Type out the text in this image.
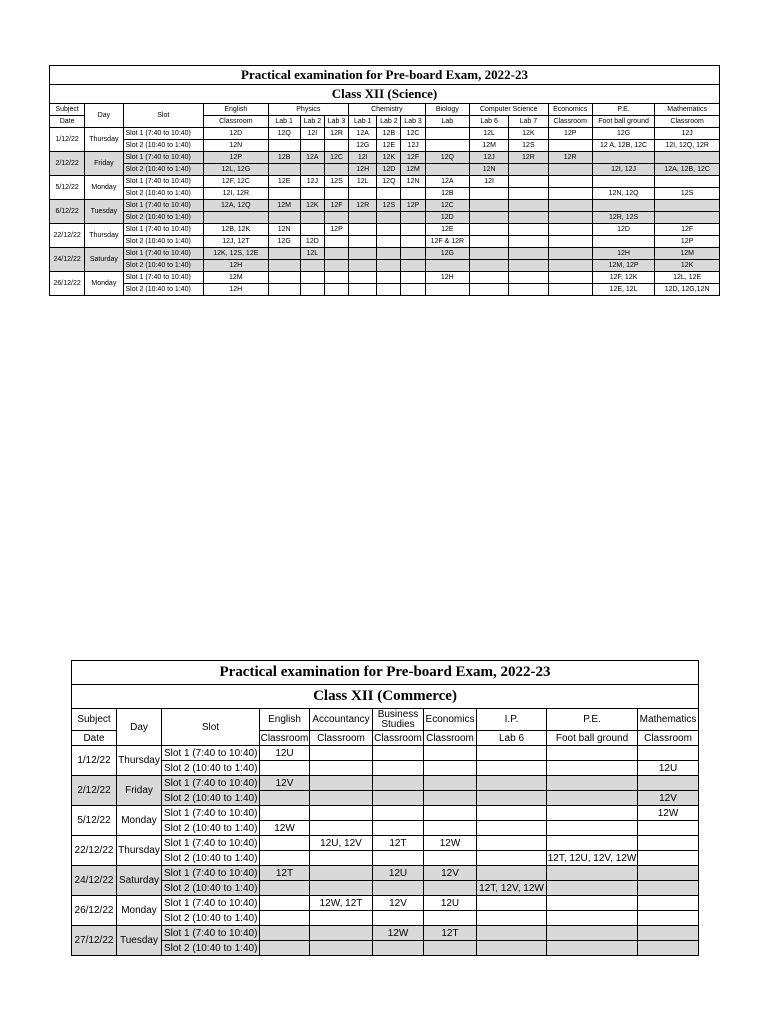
Practical examination for Pre-board Exam, 2022-23															
Class XII (Science)															
Subject	Day	Slot	English	Physics			Chemistry			Biology	Computer Science		Economics	P.E.	Mathematics
Date			Classroom	Lab 1	Lab 2	Lab 3	Lab 1	Lab 2	Lab 3	Lab	Lab 6	Lab 7	Classroom	Foot ball ground	Classroom
1/12/22	Thursday	Slot 1 (7:40 to 10:40)	12D	12Q	12I	12R	12A	12B	12C		12L	12K	12P	12G	12J
		Slot 2 (10:40 to 1:40)	12N				12G	12E	12J		12M	12S		12 A, 12B, 12C	12I, 12Q, 12R
2/12/22	Friday	Slot 1 (7:40 to 10:40)	12P	12B	12A	12C	12I	12K	12F	12Q	12J	12R	12R		
		Slot 2 (10:40 to 1:40)	12L, 12G				12H	12D	12M		12N			12I, 12J	12A, 12B, 12C
5/12/22	Monday	Slot 1 (7:40 to 10:40)	12F, 12C	12E	12J	12S	12L	12Q	12N	12A	12I				
		Slot 2 (10:40 to 1:40)	12I, 12R							12B				12N, 12Q	12S
6/12/22	Tuesday	Slot 1 (7:40 to 10:40)	12A, 12Q	12M	12K	12F	12R	12S	12P	12C					
		Slot 2 (10:40 to 1:40)								12D				12R, 12S	
22/12/22	Thursday	Slot 1 (7:40 to 10:40)	12B, 12K	12N		12P				12E				12D	12F
		Slot 2 (10:40 to 1:40)	12J, 12T	12G	12D					12F & 12R					12P
24/12/22	Saturday	Slot 1 (7:40 to 10:40)	12K, 12S, 12E		12L					12G				12H	12M
		Slot 2 (10:40 to 1:40)	12H											12M, 12P	12K
26/12/22	Monday	Slot 1 (7:40 to 10:40)	12M							12H				12F, 12K	12L, 12E
		Slot 2 (10:40 to 1:40)	12H											12E, 12L	12D, 12G,12N
Practical examination for Pre-board Exam, 2022-23									
Class XII (Commerce)									
Subject	Day	Slot	English	Accountancy	Business Studies	Economics	I.P.	P.E.	Mathematics
Date			Classroom	Classroom	Classroom	Classroom	Lab 6	Foot ball ground	Classroom
1/12/22	Thursday	Slot 1 (7:40 to 10:40)	12U						
		Slot 2 (10:40 to 1:40)							12U
2/12/22	Friday	Slot 1 (7:40 to 10:40)	12V						
		Slot 2 (10:40 to 1:40)							12V
5/12/22	Monday	Slot 1 (7:40 to 10:40)							12W
		Slot 2 (10:40 to 1:40)	12W						
22/12/22	Thursday	Slot 1 (7:40 to 10:40)		12U, 12V	12T	12W			
		Slot 2 (10:40 to 1:40)						12T, 12U, 12V, 12W	
24/12/22	Saturday	Slot 1 (7:40 to 10:40)	12T		12U	12V			
		Slot 2 (10:40 to 1:40)					12T, 12V, 12W		
26/12/22	Monday	Slot 1 (7:40 to 10:40)		12W, 12T	12V	12U			
		Slot 2 (10:40 to 1:40)							
27/12/22	Tuesday	Slot 1 (7:40 to 10:40)			12W	12T			
		Slot 2 (10:40 to 1:40)							
